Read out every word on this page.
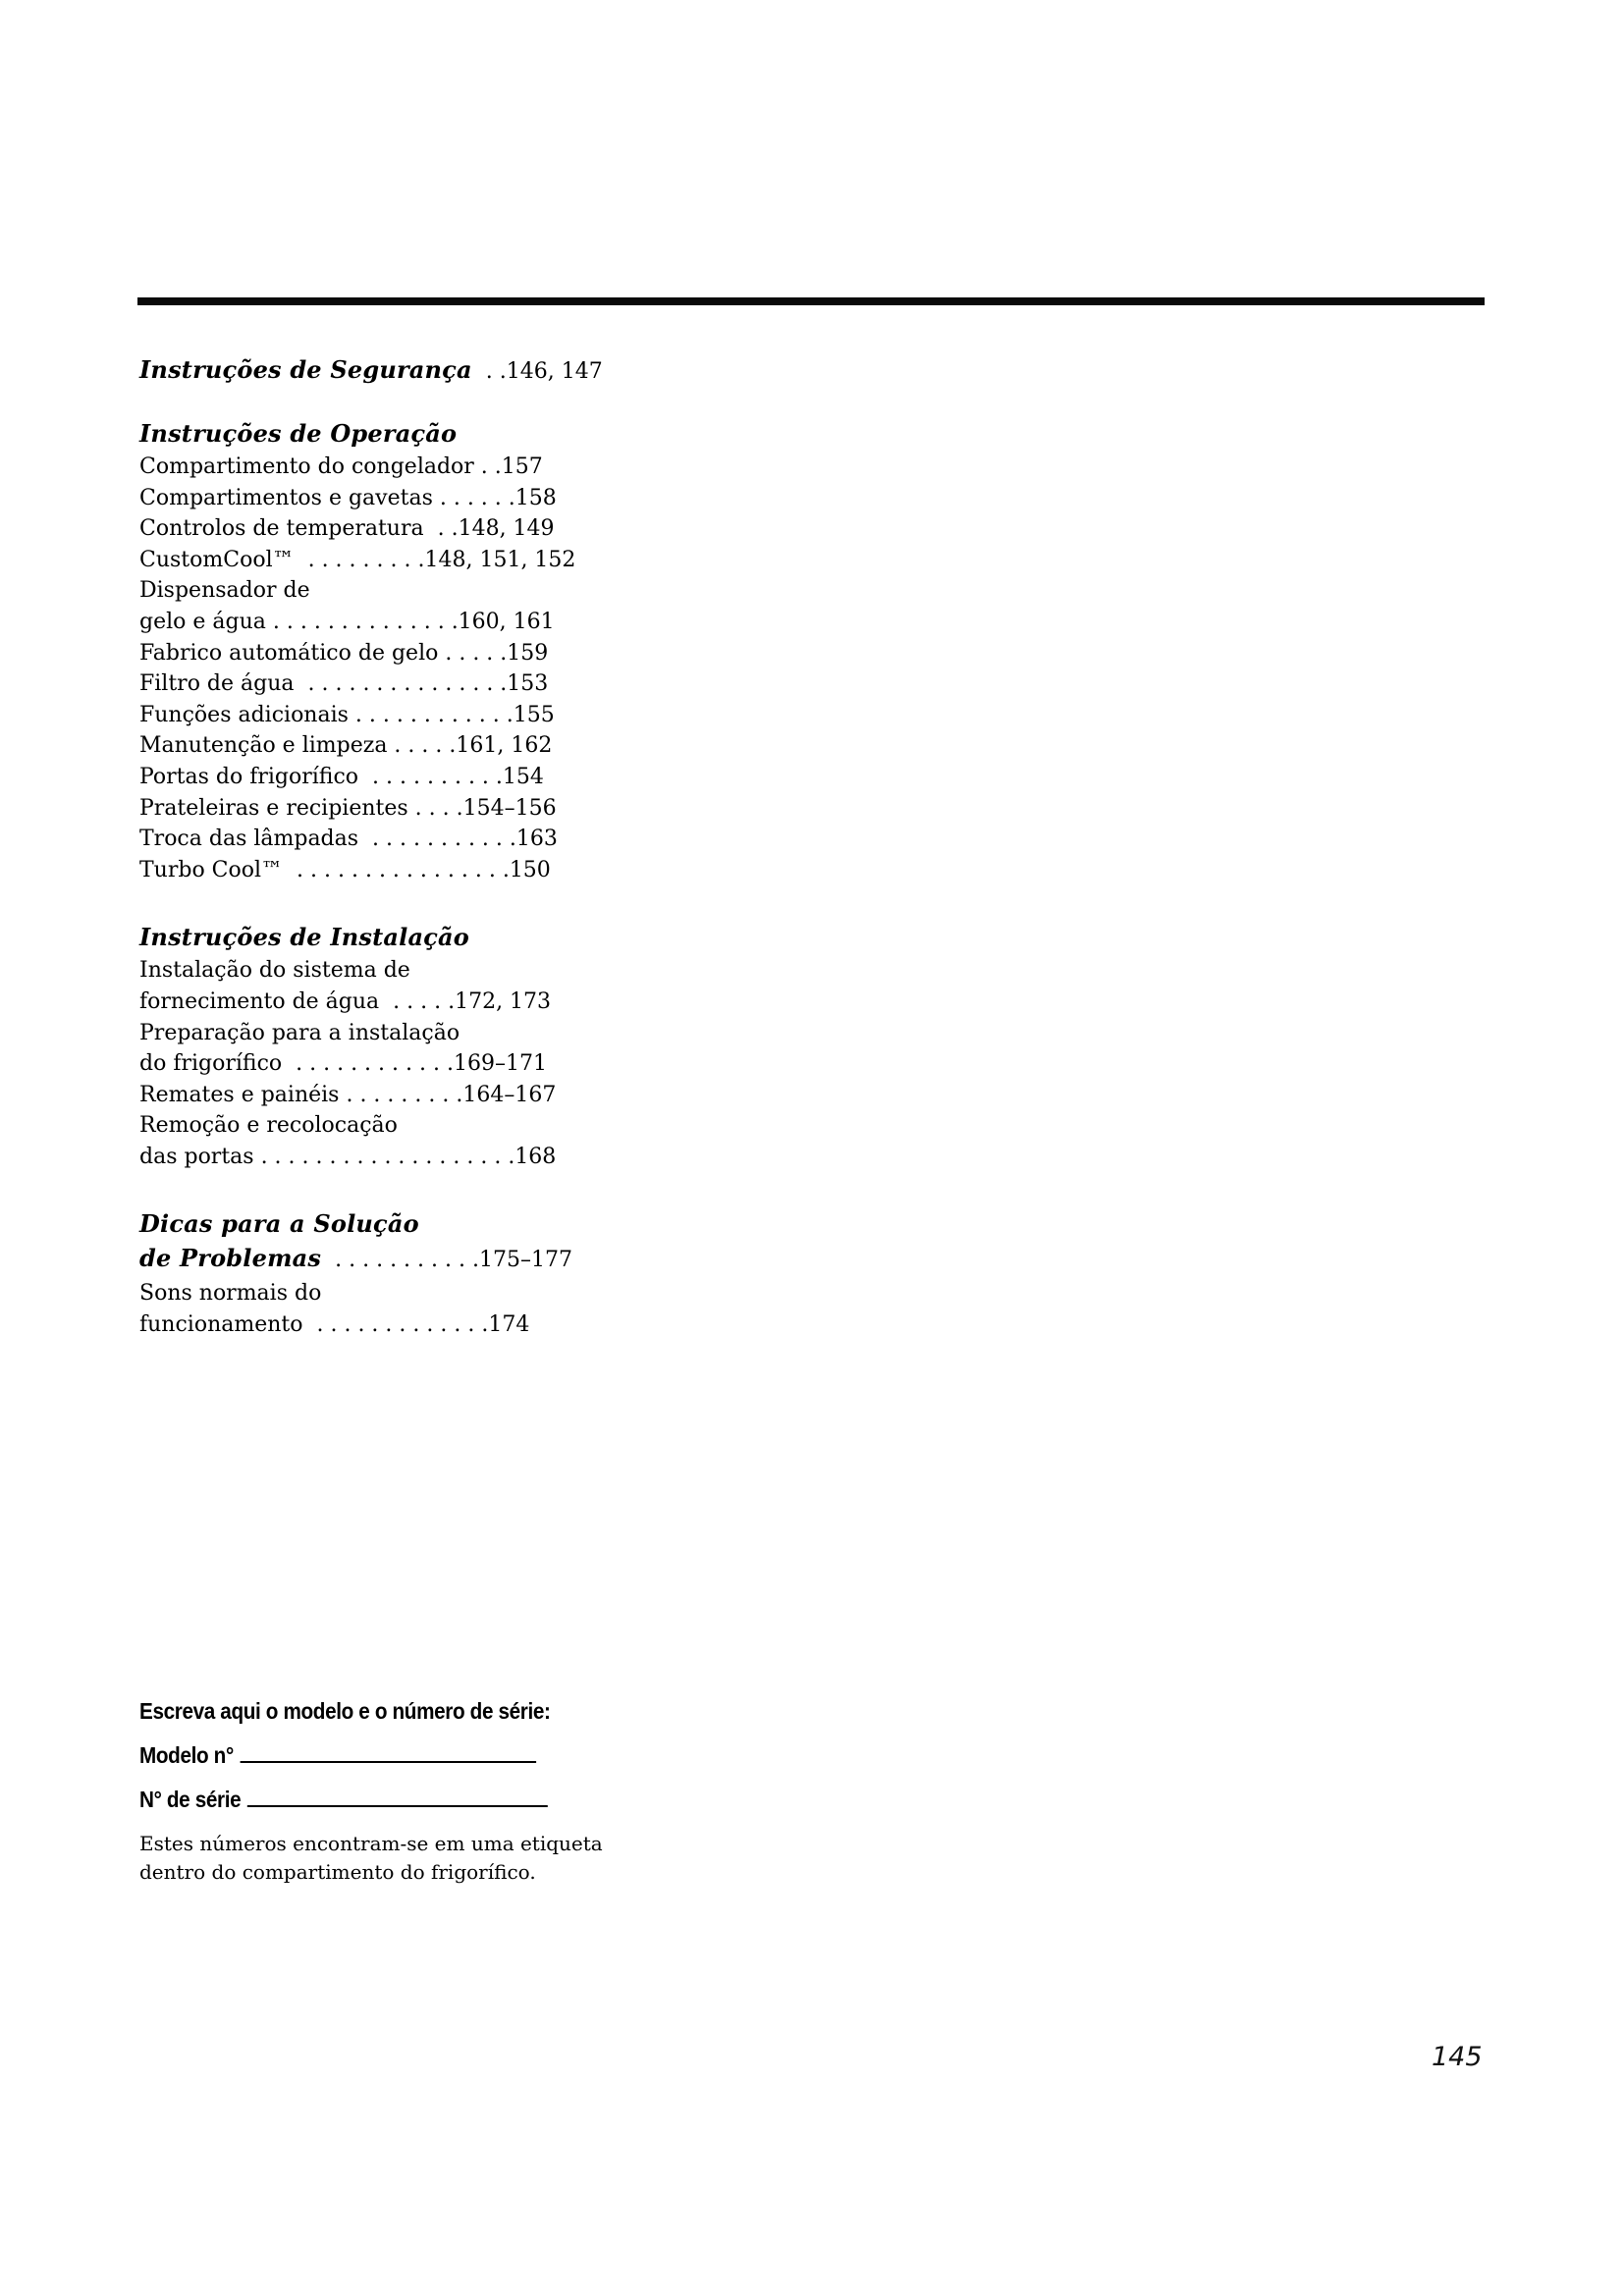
Instruções de Segurança  . .146, 147
Instruções de Operação
Compartimento do congelador . .157
Compartimentos e gavetas . . . . . .158
Controlos de temperatura  . .148, 149
CustomCool™  . . . . . . . . .148, 151, 152
Dispensador de
gelo e água . . . . . . . . . . . . . .160, 161
Fabrico automático de gelo . . . . .159
Filtro de água  . . . . . . . . . . . . . . .153
Funções adicionais . . . . . . . . . . . .155
Manutenção e limpeza . . . . .161, 162
Portas do frigorífico  . . . . . . . . . .154
Prateleiras e recipientes . . . .154–156
Troca das lâmpadas  . . . . . . . . . . .163
Turbo Cool™  . . . . . . . . . . . . . . . .150
Instruções de Instalação
Instalação do sistema de
fornecimento de água  . . . . .172, 173
Preparação para a instalação
do frigorífico  . . . . . . . . . . . .169–171
Remates e painéis . . . . . . . . .164–167
Remoção e recolocação
das portas . . . . . . . . . . . . . . . . . . .168
Dicas para a Solução
de Problemas  . . . . . . . . . . .175–177
Sons normais do
funcionamento  . . . . . . . . . . . . .174
Escreva aqui o modelo e o número de série:
Modelo n°
N° de série
Estes números encontram-se em uma etiqueta
dentro do compartimento do frigorífico.
145
